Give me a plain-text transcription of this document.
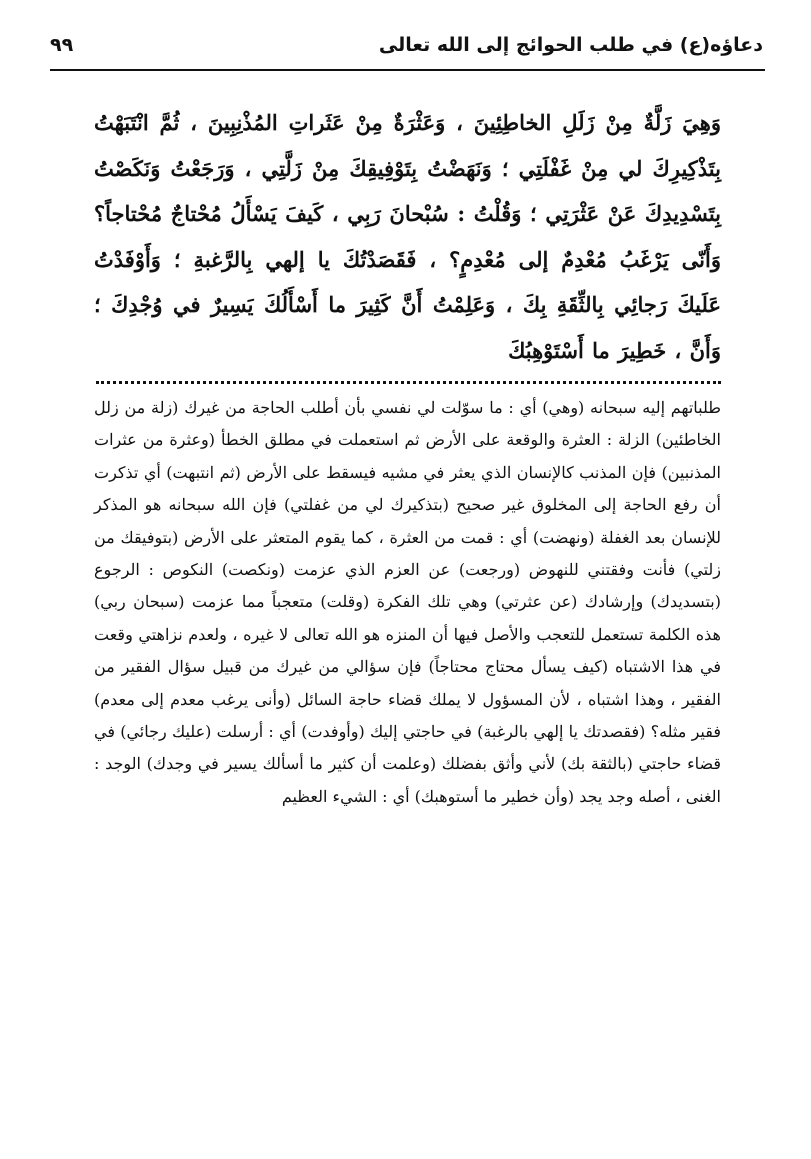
دعاؤه(ع) في طلب الحوائج إلى الله تعالى
٩٩
وَهِيَ زَلَّةٌ مِنْ زَلَلِ الخاطِئِينَ ، وَعَثْرَةٌ مِنْ عَثَراتِ المُذْنِبِينَ ، ثُمَّ انْتَبَهْتُ بِتَذْكِيرِكَ لي مِنْ غَفْلَتِي ؛ وَنَهَضْتُ بِتَوْفِيقِكَ مِنْ زَلَّتِي ، وَرَجَعْتُ وَنَكَصْتُ بِتَسْدِيدِكَ عَنْ عَثْرَتِي ؛ وَقُلْتُ : سُبْحانَ رَبِي ، كَيفَ يَسْأَلُ مُحْتاجٌ مُحْتاجاً؟ وَأَنّى يَرْغَبُ مُعْدِمٌ إلى مُعْدِمٍ؟ ، فَقَصَدْتُكَ يا إلهي بِالرَّغبةِ ؛ وَأَوْفَدْتُ عَلَيكَ رَجائِي بِالثِّقَةِ بِكَ ، وَعَلِمْتُ أَنَّ كَثِيرَ ما أَسْأَلُكَ يَسِيرٌ في وُجْدِكَ ؛ وَأَنَّ ، خَطِيرَ ما أَسْتَوْهِبُكَ
طلباتهم إليه سبحانه (وهي) أي : ما سوّلت لي نفسي بأن أطلب الحاجة من غيرك (زلة من زلل الخاطئين) الزلة : العثرة والوقعة على الأرض ثم استعملت في مطلق الخطأ (وعثرة من عثرات المذنبين) فإن المذنب كالإنسان الذي يعثر في مشيه فيسقط على الأرض (ثم انتبهت) أي تذكرت أن رفع الحاجة إلى المخلوق غير صحيح (بتذكيرك لي من غفلتي) فإن الله سبحانه هو المذكر للإنسان بعد الغفلة (ونهضت) أي : قمت من العثرة ، كما يقوم المتعثر على الأرض (بتوفيقك من زلتي) فأنت وفقتني للنهوض (ورجعت) عن العزم الذي عزمت (ونكصت) النكوص : الرجوع (بتسديدك) وإرشادك (عن عثرتي) وهي تلك الفكرة (وقلت) متعجباً مما عزمت (سبحان ربي) هذه الكلمة تستعمل للتعجب والأصل فيها أن المنزه هو الله تعالى لا غيره ، ولعدم نزاهتي وقعت في هذا الاشتباه (كيف يسأل محتاج محتاجاً) فإن سؤالي من غيرك من قبيل سؤال الفقير من الفقير ، وهذا اشتباه ، لأن المسؤول لا يملك قضاء حاجة السائل (وأنى يرغب معدم إلى معدم) فقير مثله؟ (فقصدتك يا إلهي بالرغبة) في حاجتي إليك (وأوفدت) أي : أرسلت (عليك رجائي) في قضاء حاجتي (بالثقة بك) لأني وأثق بفضلك (وعلمت أن كثير ما أسألك يسير في وجدك) الوجد : الغنى ، أصله وجد يجد (وأن خطير ما أستوهبك) أي : الشيء العظيم
